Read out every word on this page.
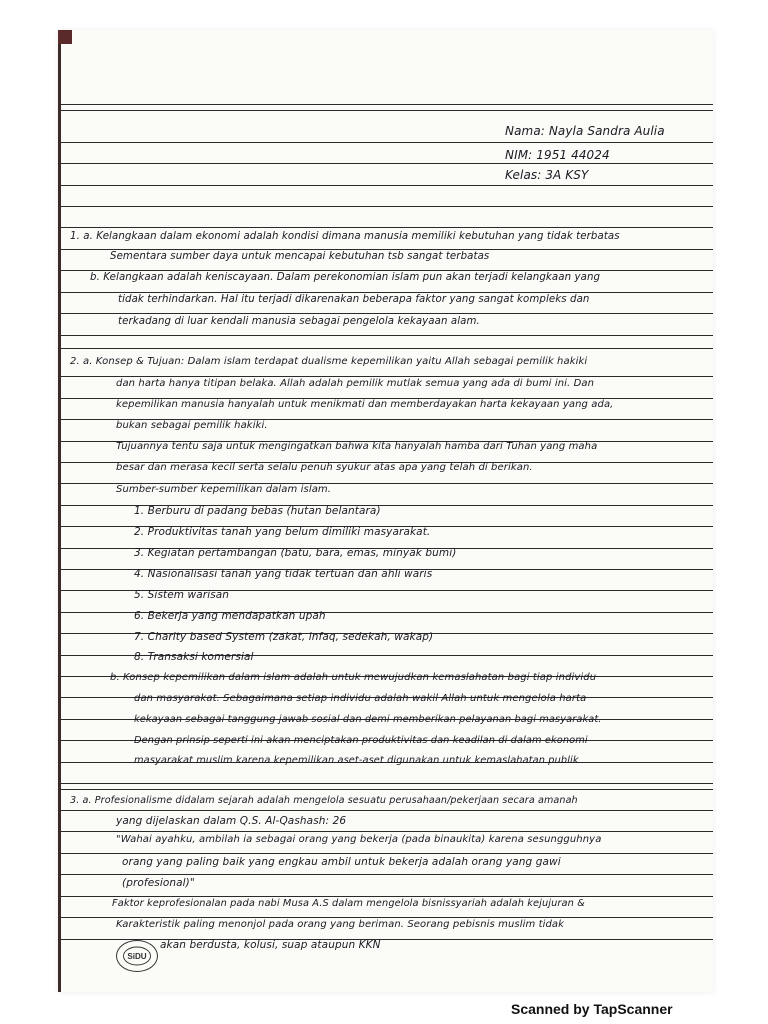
Nama: Nayla Sandra Aulia
NIM: 1951 44024
Kelas: 3A KSY
1. a. Kelangkaan dalam ekonomi adalah kondisi dimana manusia memiliki kebutuhan yang tidak terbatas
Sementara sumber daya untuk mencapai kebutuhan tsb sangat terbatas
b. Kelangkaan adalah keniscayaan. Dalam perekonomian islam pun akan terjadi kelangkaan yang
tidak terhindarkan. Hal itu terjadi dikarenakan beberapa faktor yang sangat kompleks dan
terkadang di luar kendali manusia sebagai pengelola kekayaan alam.
2. a. Konsep & Tujuan: Dalam islam terdapat dualisme kepemilikan yaitu Allah sebagai pemilik hakiki
dan harta hanya titipan belaka. Allah adalah pemilik mutlak semua yang ada di bumi ini. Dan
kepemilikan manusia hanyalah untuk menikmati dan memberdayakan harta kekayaan yang ada,
bukan sebagai pemilik hakiki.
Tujuannya tentu saja untuk mengingatkan bahwa kita hanyalah hamba dari Tuhan yang maha
besar dan merasa kecil serta selalu penuh syukur atas apa yang telah di berikan.
Sumber-sumber kepemilikan dalam islam.
1. Berburu di padang bebas (hutan belantara)
2. Produktivitas tanah yang belum dimiliki masyarakat.
3. Kegiatan pertambangan (batu, bara, emas, minyak bumi)
4. Nasionalisasi tanah yang tidak tertuan dan ahli waris
5. Sistem warisan
6. Bekerja yang mendapatkan upah
7. Charity based System (zakat, infaq, sedekah, wakap)
8. Transaksi komersial
b. Konsep kepemilikan dalam islam adalah untuk mewujudkan kemaslahatan bagi tiap individu
dan masyarakat. Sebagaimana setiap individu adalah wakil Allah untuk mengelola harta
kekayaan sebagai tanggung jawab sosial dan demi memberikan pelayanan bagi masyarakat.
Dengan prinsip seperti ini akan menciptakan produktivitas dan keadilan di dalam ekonomi
masyarakat muslim karena kepemilikan aset-aset digunakan untuk kemaslahatan publik
3. a. Profesionalisme didalam sejarah adalah mengelola sesuatu perusahaan/pekerjaan secara amanah
yang dijelaskan dalam Q.S. Al-Qashash: 26
"Wahai ayahku, ambilah ia sebagai orang yang bekerja (pada binaukita) karena sesungguhnya
orang yang paling baik yang engkau ambil untuk bekerja adalah orang yang gawi
(profesional)"
Faktor keprofesionalan pada nabi Musa A.S dalam mengelola bisnissyariah adalah kejujuran &
Karakteristik paling menonjol pada orang yang beriman. Seorang pebisnis muslim tidak
akan berdusta, kolusi, suap ataupun KKN
SiDU
Scanned by TapScanner
